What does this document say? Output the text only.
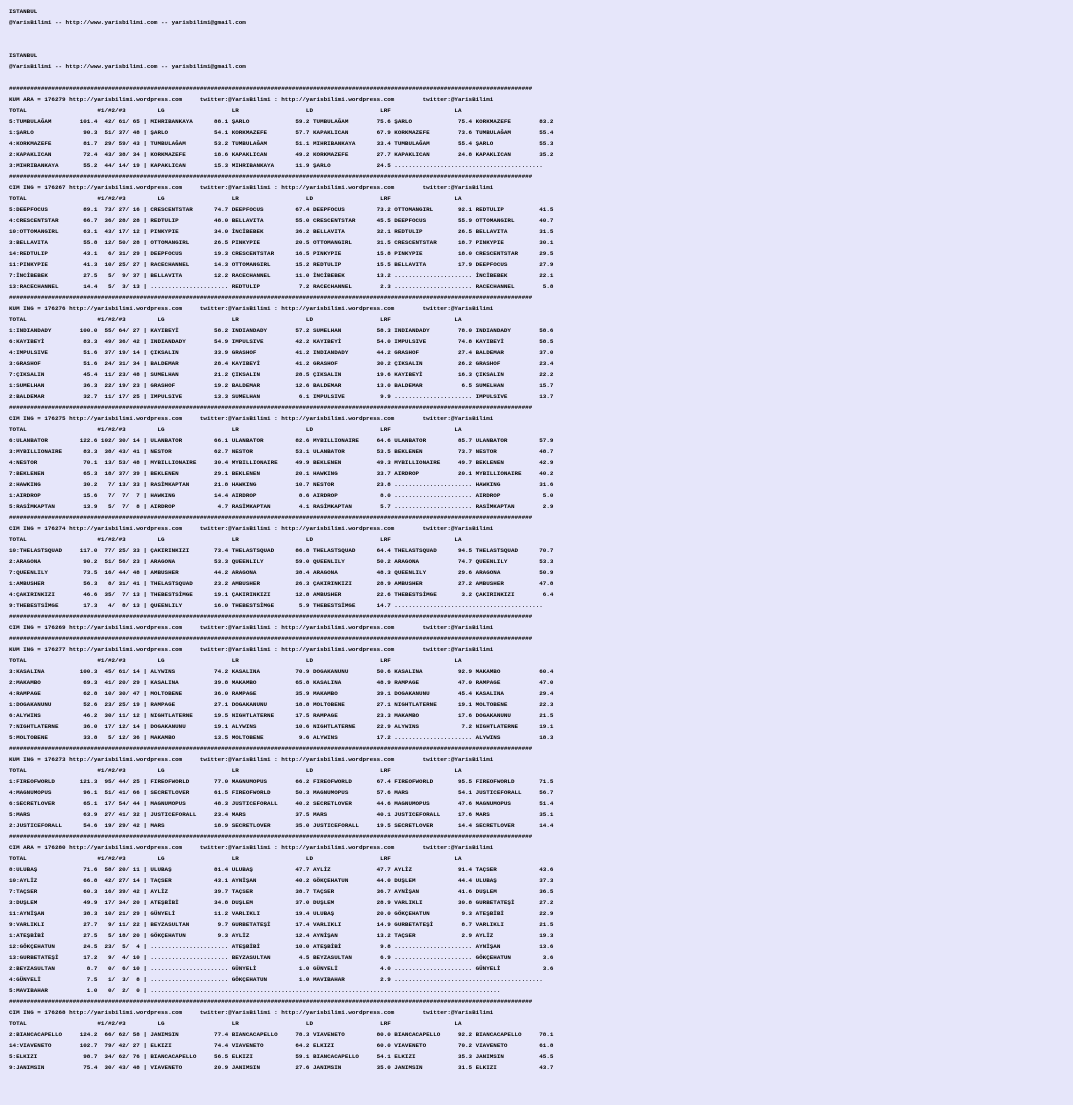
ISTANBUL
@YarisBilimi -- http://www.yarisbilimi.com -- yarisbilimi@gmail.com

ISTANBUL
@YarisBilimi -- http://www.yarisbilimi.com -- yarisbilimi@gmail.com

####################################################################################################################################################
KUM ARA = 176279 http://yarisbilimi.wordpress.com     twitter:@YarisBilimi : http://yarisbilimi.wordpress.com        twitter:@YarisBilimi
TOTAL                    #1/#2/#3         LG                   LR                   LD                   LRF                  LA
5:TUMBULAĞAM        101.4  42/ 61/ 65 | MIHRIBANKAYA      88.1 ŞARLO             59.2 TUMBULAĞAM        75.6 ŞARLO             75.4 KORKMAZEFE        83.2
1:ŞARLO              90.3  51/ 37/ 48 | ŞARLO             54.1 KORKMAZEFE        57.7 KAPAKLICAN        67.9 KORKMAZEFE        73.6 TUMBULAĞAM        55.4
4:KORKMAZEFE         81.7  29/ 59/ 43 | TUMBULAĞAM        53.2 TUMBULAĞAM        51.1 MIHRIBANKAYA      33.4 TUMBULAĞAM        55.4 ŞARLO             55.3
2:KAPAKLICAN         72.4  43/ 38/ 34 | KORKMAZEFE        18.6 KAPAKLICAN        49.2 KORKMAZEFE        27.7 KAPAKLICAN        24.8 KAPAKLICAN        35.2
3:MIHRIBANKAYA       55.2  44/ 14/ 19 | KAPAKLICAN        15.3 MIHRIBANKAYA      11.9 ŞARLO             24.5 ..........................................
####################################################################################################################################################
CIM ING = 176267 http://yarisbilimi.wordpress.com     twitter:@YarisBilimi : http://yarisbilimi.wordpress.com        twitter:@YarisBilimi
TOTAL                    #1/#2/#3         LG                   LR                   LD                   LRF                  LA
5:DEEPFOCUS          89.1  73/ 27/ 16 | CRESCENTSTAR      74.7 DEEPFOCUS         67.4 DEEPFOCUS         73.2 OTTOMANGIRL       92.1 REDTULIP          41.5
4:CRESCENTSTAR       66.7  36/ 28/ 28 | REDTULIP          48.0 BELLAVITA         55.0 CRESCENTSTAR      45.5 DEEPFOCUS         55.9 OTTOMANGIRL       40.7
10:OTTOMANGIRL       63.1  43/ 17/ 12 | PINKYPIE          34.0 İNCİBEBEK         36.2 BELLAVITA         32.1 REDTULIP          26.5 BELLAVITA         31.5
3:BELLAVITA          55.8  12/ 50/ 28 | OTTOMANGIRL       26.5 PINKYPIE          20.5 OTTOMANGIRL       31.5 CRESCENTSTAR      18.7 PINKYPIE          30.1
14:REDTULIP          43.1   6/ 31/ 29 | DEEPFOCUS         19.3 CRESCENTSTAR      16.5 PINKYPIE          15.8 PINKYPIE          18.0 CRESCENTSTAR      29.5
11:PINKYPIE          41.3  10/ 25/ 27 | RACECHANNEL       14.3 OTTOMANGIRL       15.2 REDTULIP          15.5 BELLAVITA         17.9 DEEPFOCUS         27.9
7:İNCİBEBEK          27.5   5/  9/ 37 | BELLAVITA         12.2 RACECHANNEL       11.0 İNCİBEBEK         13.2 ...................... İNCİBEBEK         22.1
13:RACECHANNEL       14.4   5/  3/ 13 | ...................... REDTULIP           7.2 RACECHANNEL        2.3 ...................... RACECHANNEL        5.8
####################################################################################################################################################
KUM ING = 176276 http://yarisbilimi.wordpress.com     twitter:@YarisBilimi : http://yarisbilimi.wordpress.com        twitter:@YarisBilimi
TOTAL                    #1/#2/#3         LG                   LR                   LD                   LRF                  LA
1:INDIANDADY        100.0  55/ 64/ 27 | KAYIBEYİ          58.2 INDIANDADY        57.2 SUMELHAN          58.3 INDIANDADY        78.0 INDIANDADY        58.6
6:KAYIBEYİ           83.3  49/ 36/ 42 | INDIANDADY        54.9 IMPULSIVE         42.2 KAYIBEYİ          54.0 IMPULSIVE         74.8 KAYIBEYİ          58.5
4:IMPULSIVE          51.6  37/ 19/ 14 | ÇIKSALIN          33.9 GRASHOF           41.2 INDIANDADY        44.2 GRASHOF           27.4 BALDEMAR          37.0
3:GRASHOF            51.6  24/ 31/ 34 | BALDEMAR          28.4 KAYIBEYİ          41.2 GRASHOF           30.2 ÇIKSALIN          26.2 GRASHOF           23.4
7:ÇIKSALIN           45.4  11/ 23/ 48 | SUMELHAN          21.2 ÇIKSALIN          28.5 ÇIKSALIN          19.6 KAYIBEYİ          16.3 ÇIKSALIN          22.2
1:SUMELHAN           36.3  22/ 19/ 23 | GRASHOF           19.2 BALDEMAR          12.6 BALDEMAR          13.0 BALDEMAR           6.5 SUMELHAN          15.7
2:BALDEMAR           32.7  11/ 17/ 25 | IMPULSIVE         13.3 SUMELHAN           6.1 IMPULSIVE          9.9 ...................... IMPULSIVE         13.7
####################################################################################################################################################
CIM ING = 176275 http://yarisbilimi.wordpress.com     twitter:@YarisBilimi : http://yarisbilimi.wordpress.com        twitter:@YarisBilimi
TOTAL                    #1/#2/#3         LG                   LR                   LD                   LRF                  LA
6:ULANBATOR         122.6 102/ 30/ 14 | ULANBATOR         66.1 ULANBATOR         82.6 MYBILLIONAIRE     64.6 ULANBATOR         85.7 ULANBATOR         57.9
3:MYBILLIONAIRE      83.3  38/ 43/ 41 | NESTOR            62.7 NESTOR            53.1 ULANBATOR         53.5 BEKLENEN          73.7 NESTOR            48.7
4:NESTOR             70.1  13/ 53/ 48 | MYBILLIONAIRE     30.4 MYBILLIONAIRE     49.9 BEKLENEN          49.3 MYBILLIONAIRE     49.7 BEKLENEN          42.9
7:BEKLENEN           65.3  18/ 37/ 39 | BEKLENEN          29.1 BEKLENEN          20.1 HAWKING           33.7 AIRDROP           20.1 MYBILLIONAIRE     40.2
2:HAWKING            30.2   7/ 13/ 33 | RASİMKAPTAN       21.8 HAWKING           10.7 NESTOR            23.8 ...................... HAWKING           31.6
1:AIRDROP            15.6   7/  7/  7 | HAWKING           14.4 AIRDROP            8.6 AIRDROP            8.0 ...................... AIRDROP            5.0
5:RASİMKAPTAN        13.9   5/  7/  8 | AIRDROP            4.7 RASİMKAPTAN        4.1 RASİMKAPTAN        5.7 ...................... RASİMKAPTAN        2.9
####################################################################################################################################################
CIM ING = 176274 http://yarisbilimi.wordpress.com     twitter:@YarisBilimi : http://yarisbilimi.wordpress.com        twitter:@YarisBilimi
TOTAL                    #1/#2/#3         LG                   LR                   LD                   LRF                  LA
10:THELASTSQUAD     117.0  77/ 25/ 33 | ÇAKIRINKIZI       73.4 THELASTSQUAD      86.8 THELASTSQUAD      64.4 THELASTSQUAD      94.5 THELASTSQUAD      70.7
2:ARAGONA            90.2  51/ 56/ 23 | ARAGONA           53.3 QUEENLILY         59.0 QUEENLILY         50.2 ARAGONA           74.7 QUEENLILY         53.3
7:QUEENLILY          73.5  16/ 44/ 48 | AMBUSHER          44.2 ARAGONA           38.4 ARAGONA           48.3 QUEENLILY         29.6 ARAGONA           50.9
1:AMBUSHER           56.3   8/ 31/ 41 | THELASTSQUAD      23.2 AMBUSHER          26.3 ÇAKIRINKIZI       28.9 AMBUSHER          27.2 AMBUSHER          47.8
4:ÇAKIRINKIZI        46.6  35/  7/ 13 | THEBESTSİMGE      19.1 ÇAKIRINKIZI       12.8 AMBUSHER          22.6 THEBESTSİMGE       3.2 ÇAKIRINKIZI        6.4
9:THEBESTSİMGE       17.3   4/  8/ 13 | QUEENLILY         16.0 THEBESTSİMGE       5.9 THEBESTSİMGE      14.7 ..........................................
####################################################################################################################################################
CIM ING = 176269 http://yarisbilimi.wordpress.com     twitter:@YarisBilimi : http://yarisbilimi.wordpress.com        twitter:@YarisBilimi
####################################################################################################################################################
KUM ING = 176277 http://yarisbilimi.wordpress.com     twitter:@YarisBilimi : http://yarisbilimi.wordpress.com        twitter:@YarisBilimi
TOTAL                    #1/#2/#3         LG                   LR                   LD                   LRF                  LA
3:KASALINA          100.3  45/ 61/ 14 | ALYWINS           74.2 KASALINA          70.9 DOGAKANUNU        50.6 KASALINA          92.9 MAKAMBO           60.4
2:MAKAMBO            69.3  41/ 20/ 29 | KASALINA          39.8 MAKAMBO           65.8 KASALINA          48.9 RAMPAGE           47.0 RAMPAGE           47.0
4:RAMPAGE            62.8  10/ 30/ 47 | MOLTOBENE         36.0 RAMPAGE           35.9 MAKAMBO           39.1 DOGAKANUNU        45.4 KASALINA          29.4
1:DOGAKANUNU         52.6  23/ 25/ 19 | RAMPAGE           27.1 DOGAKANUNU        18.8 MOLTOBENE         27.1 NIGHTLATERNE      19.1 MOLTOBENE         22.3
6:ALYWINS            46.2  30/ 11/ 12 | NIGHTLATERNE      19.5 NIGHTLATERNE      17.5 RAMPAGE           23.3 MAKAMBO           17.6 DOGAKANUNU        21.5
7:NIGHTLATERNE       36.0  17/ 12/ 14 | DOGAKANUNU        19.1 ALYWINS           10.6 NIGHTLATERNE      22.9 ALYWINS            7.2 NIGHTLATERNE      19.1
5:MOLTOBENE          33.8   5/ 12/ 36 | MAKAMBO           13.5 MOLTOBENE          9.6 ALYWINS           17.2 ...................... ALYWINS           18.3
####################################################################################################################################################
KUM ING = 176273 http://yarisbilimi.wordpress.com     twitter:@YarisBilimi : http://yarisbilimi.wordpress.com        twitter:@YarisBilimi
TOTAL                    #1/#2/#3         LG                   LR                   LD                   LRF                  LA
1:FIREOFWORLD       121.3  95/ 44/ 25 | FIREOFWORLD       77.0 MAGNUMOPUS        66.2 FIREOFWORLD       67.4 FIREOFWORLD       95.5 FIREOFWORLD       71.5
4:MAGNUMOPUS         96.1  51/ 41/ 66 | SECRETLOVER       61.5 FIREOFWORLD       50.3 MAGNUMOPUS        57.6 MARS              54.1 JUSTICEFORALL     56.7
6:SECRETLOVER        65.1  17/ 54/ 44 | MAGNUMOPUS        48.3 JUSTICEFORALL     40.2 SECRETLOVER       44.6 MAGNUMOPUS        47.6 MAGNUMOPUS        51.4
5:MARS               63.9  27/ 41/ 32 | JUSTICEFORALL     23.4 MARS              37.5 MARS              40.1 JUSTICEFORALL     17.6 MARS              35.1
2:JUSTICEFORALL      54.6  19/ 29/ 42 | MARS              18.9 SECRETLOVER       35.0 JUSTICEFORALL     19.5 SECRETLOVER       14.4 SECRETLOVER       14.4
####################################################################################################################################################
CIM ARA = 176280 http://yarisbilimi.wordpress.com     twitter:@YarisBilimi : http://yarisbilimi.wordpress.com        twitter:@YarisBilimi
TOTAL                    #1/#2/#3         LG                   LR                   LD                   LRF                  LA
8:ULUBAŞ             71.6  58/ 20/ 11 | ULUBAŞ            81.4 ULUBAŞ            47.7 AYLİZ             47.7 AYLİZ             91.4 TAÇSER            43.6
10:AYLİZ             66.8  42/ 27/ 14 | TAÇSER            43.1 AYNİŞAN           40.2 GÖKÇEHATUN        44.0 DUŞLEM            44.4 ULUBAŞ            37.3
7:TAÇSER             60.3  16/ 39/ 42 | AYLİZ             39.7 TAÇSER            38.7 TAÇSER            36.7 AYNİŞAN           41.6 DUŞLEM            36.5
3:DUŞLEM             49.9  17/ 34/ 20 | ATEŞBİBİ          34.8 DUŞLEM            37.0 DUŞLEM            28.9 VARLIKLI          30.8 GURBETATEŞİ       27.2
11:AYNİŞAN           38.3  10/ 21/ 29 | GÜNYELİ           11.2 VARLIKLI          19.4 ULUBAŞ            20.0 GÖKÇEHATUN         9.3 ATEŞBİBİ          22.9
9:VARLIKLI           27.7   9/ 11/ 22 | BEYZASULTAN        9.7 GURBETATEŞİ       17.4 VARLIKLI          14.9 GURBETATEŞİ        8.7 VARLIKLI          21.5
1:ATEŞBİBİ           27.5   5/ 18/ 20 | GÖKÇEHATUN         9.3 AYLİZ             12.4 AYNİŞAN           13.2 TAÇSER             2.9 AYLİZ             19.3
12:GÖKÇEHATUN        24.5  23/  5/  4 | ...................... ATEŞBİBİ          10.0 ATEŞBİBİ           9.8 ...................... AYNİŞAN           13.6
13:GURBETATEŞİ       17.2   9/  4/ 10 | ...................... BEYZASULTAN        4.5 BEYZASULTAN        6.9 ...................... GÖKÇEHATUN         3.6
2:BEYZASULTAN         8.7   0/  6/ 10 | ...................... GÜNYELİ            1.0 GÜNYELİ            4.0 ...................... GÜNYELİ            3.6
4:GÜNYELİ             7.5   1/  3/  8 | ...................... GÖKÇEHATUN         1.0 MAVIBAHAR          2.9 ..........................................
5:MAVIBAHAR           1.0   0/  2/  0 | ...................................................................................................
####################################################################################################################################################
CIM ING = 176268 http://yarisbilimi.wordpress.com     twitter:@YarisBilimi : http://yarisbilimi.wordpress.com        twitter:@YarisBilimi
TOTAL                    #1/#2/#3         LG                   LR                   LD                   LRF                  LA
2:BIANCACAPELLO     124.2  66/ 62/ 58 | JANIMSIN          77.4 BIANCACAPELLO     78.3 VIAVENETO         80.0 BIANCACAPELLO     92.2 BIANCACAPELLO     78.1
14:VIAVENETO        102.7  79/ 42/ 27 | ELKIZI            74.4 VIAVENETO         64.2 ELKIZI            60.0 VIAVENETO         70.2 VIAVENETO         61.8
5:ELKIZI             98.7  34/ 62/ 76 | BIANCACAPELLO     56.5 ELKIZI            59.1 BIANCACAPELLO     54.1 ELKIZI            35.3 JANIMSIN          45.5
9:JANIMSIN           75.4  30/ 43/ 48 | VIAVENETO         20.9 JANIMSIN          27.6 JANIMSIN          35.0 JANIMSIN          31.5 ELKIZI            43.7
